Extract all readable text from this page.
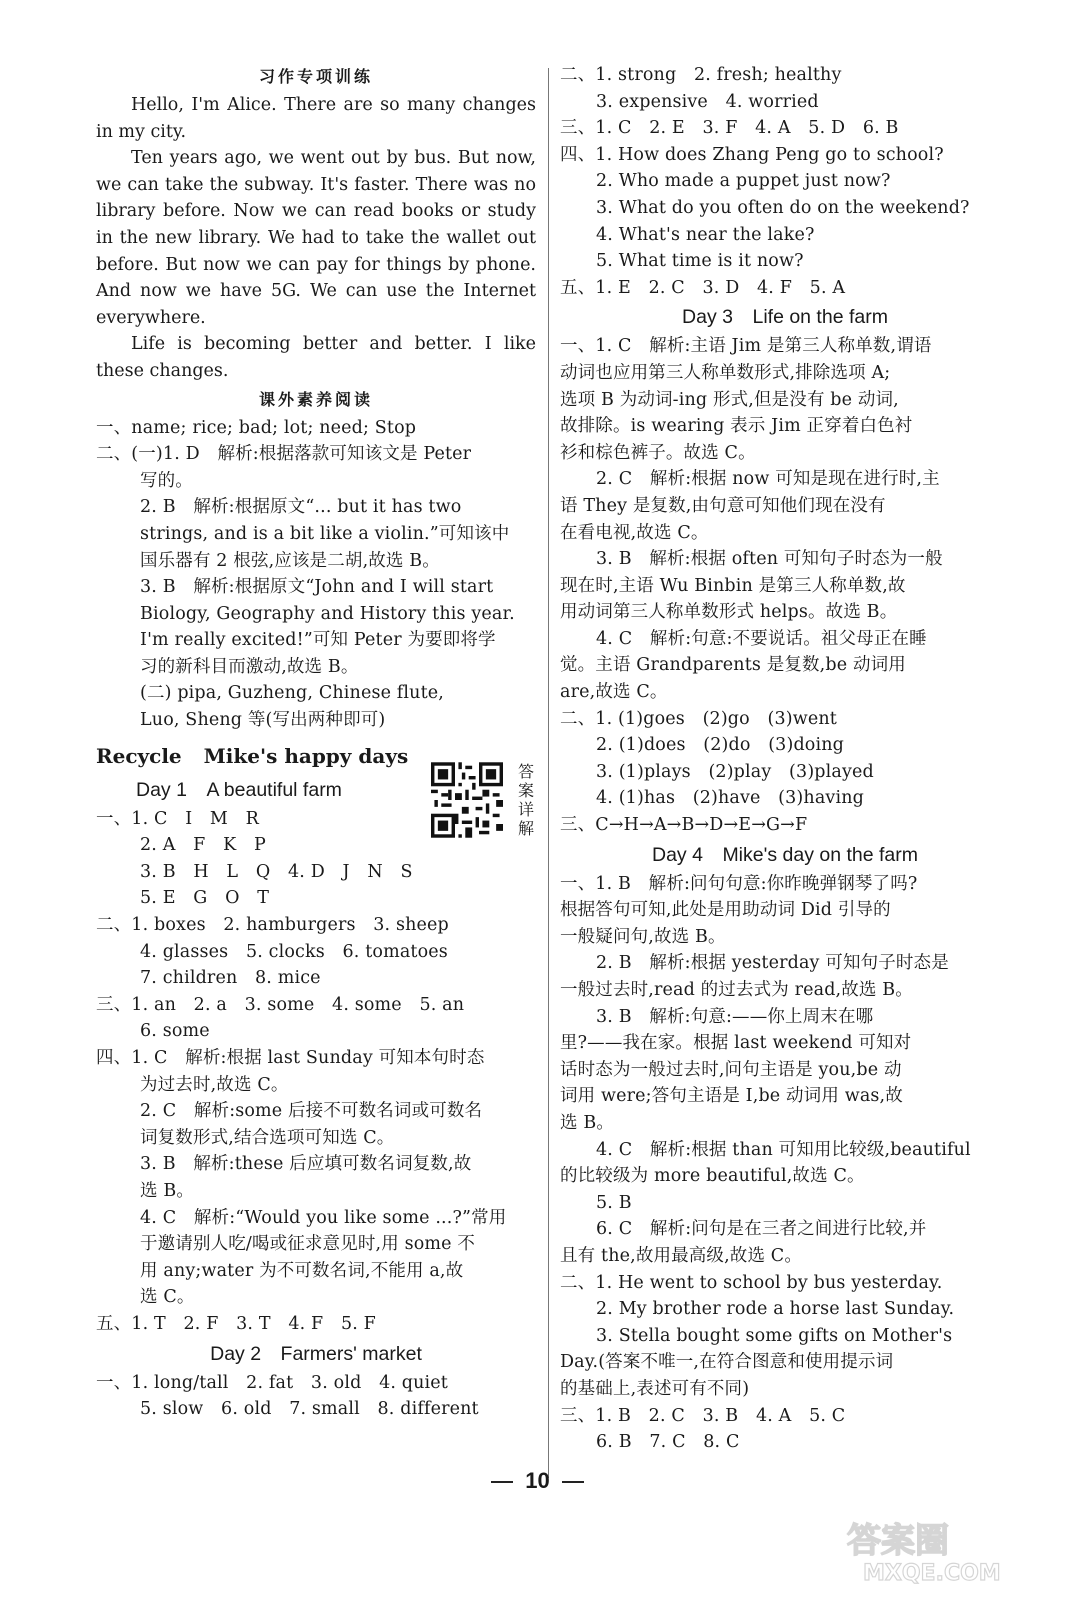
习作专项训练
Hello, I'm Alice. There are so many changes in my city.
Ten years ago, we went out by bus. But now, we can take the subway. It's faster. There was no library before. Now we can read books or study in the new library. We had to take the wallet out before. But now we can pay for things by phone. And now we have 5G. We can use the Internet everywhere.
Life is becoming better and better. I like these changes.
课外素养阅读
一、name; rice; bad; lot; need; Stop
二、(一)1. D　解析:根据落款可知该文是 Peter
写的。
2. B　解析:根据原文“... but it has two
strings, and is a bit like a violin.”可知该中
国乐器有 2 根弦,应该是二胡,故选 B。
3. B　解析:根据原文“John and I will start
Biology, Geography and History this year.
I'm really excited!”可知 Peter 为要即将学
习的新科目而激动,故选 B。
(二) pipa, Guzheng, Chinese flute,
Luo, Sheng 等(写出两种即可)
Recycle Mike's happy days
Day 1　A beautiful farm
一、1. C　I　M　R
2. A　F　K　P
3. B　H　L　Q　4. D　J　N　S
5. E　G　O　T
二、1. boxes　2. hamburgers　3. sheep
4. glasses　5. clocks　6. tomatoes
7. children　8. mice
三、1. an　2. a　3. some　4. some　5. an
6. some
四、1. C　解析:根据 last Sunday 可知本句时态
为过去时,故选 C。
2. C　解析:some 后接不可数名词或可数名
词复数形式,结合选项可知选 C。
3. B　解析:these 后应填可数名词复数,故
选 B。
4. C　解析:“Would you like some ...?”常用
于邀请别人吃/喝或征求意见时,用 some 不
用 any;water 为不可数名词,不能用 a,故
选 C。
五、1. T　2. F　3. T　4. F　5. F
Day 2　Farmers' market
一、1. long/tall　2. fat　3. old　4. quiet
5. slow　6. old　7. small　8. different
答案详解
二、1. strong　2. fresh; healthy
3. expensive　4. worried
三、1. C　2. E　3. F　4. A　5. D　6. B
四、1. How does Zhang Peng go to school?
2. Who made a puppet just now?
3. What do you often do on the weekend?
4. What's near the lake?
5. What time is it now?
五、1. E　2. C　3. D　4. F　5. A
Day 3　Life on the farm
一、1. C　解析:主语 Jim 是第三人称单数,谓语
动词也应用第三人称单数形式,排除选项 A;
选项 B 为动词-ing 形式,但是没有 be 动词,
故排除。is wearing 表示 Jim 正穿着白色衬
衫和棕色裤子。故选 C。
2. C　解析:根据 now 可知是现在进行时,主
语 They 是复数,由句意可知他们现在没有
在看电视,故选 C。
3. B　解析:根据 often 可知句子时态为一般
现在时,主语 Wu Binbin 是第三人称单数,故
用动词第三人称单数形式 helps。故选 B。
4. C　解析:句意:不要说话。祖父母正在睡
觉。主语 Grandparents 是复数,be 动词用
are,故选 C。
二、1. (1)goes　(2)go　(3)went
2. (1)does　(2)do　(3)doing
3. (1)plays　(2)play　(3)played
4. (1)has　(2)have　(3)having
三、C→H→A→B→D→E→G→F
Day 4　Mike's day on the farm
一、1. B　解析:问句句意:你昨晚弹钢琴了吗?
根据答句可知,此处是用助动词 Did 引导的
一般疑问句,故选 B。
2. B　解析:根据 yesterday 可知句子时态是
一般过去时,read 的过去式为 read,故选 B。
3. B　解析:句意:——你上周末在哪
里?——我在家。根据 last weekend 可知对
话时态为一般过去时,问句主语是 you,be 动
词用 were;答句主语是 I,be 动词用 was,故
选 B。
4. C　解析:根据 than 可知用比较级,beautiful
的比较级为 more beautiful,故选 C。
5. B
6. C　解析:问句是在三者之间进行比较,并
且有 the,故用最高级,故选 C。
二、1. He went to school by bus yesterday.
2. My brother rode a horse last Sunday.
3. Stella bought some gifts on Mother's
Day.(答案不唯一,在符合图意和使用提示词
的基础上,表述可有不同)
三、1. B　2. C　3. B　4. A　5. C
6. B　7. C　8. C
10
答案圈
MXQE.COM
